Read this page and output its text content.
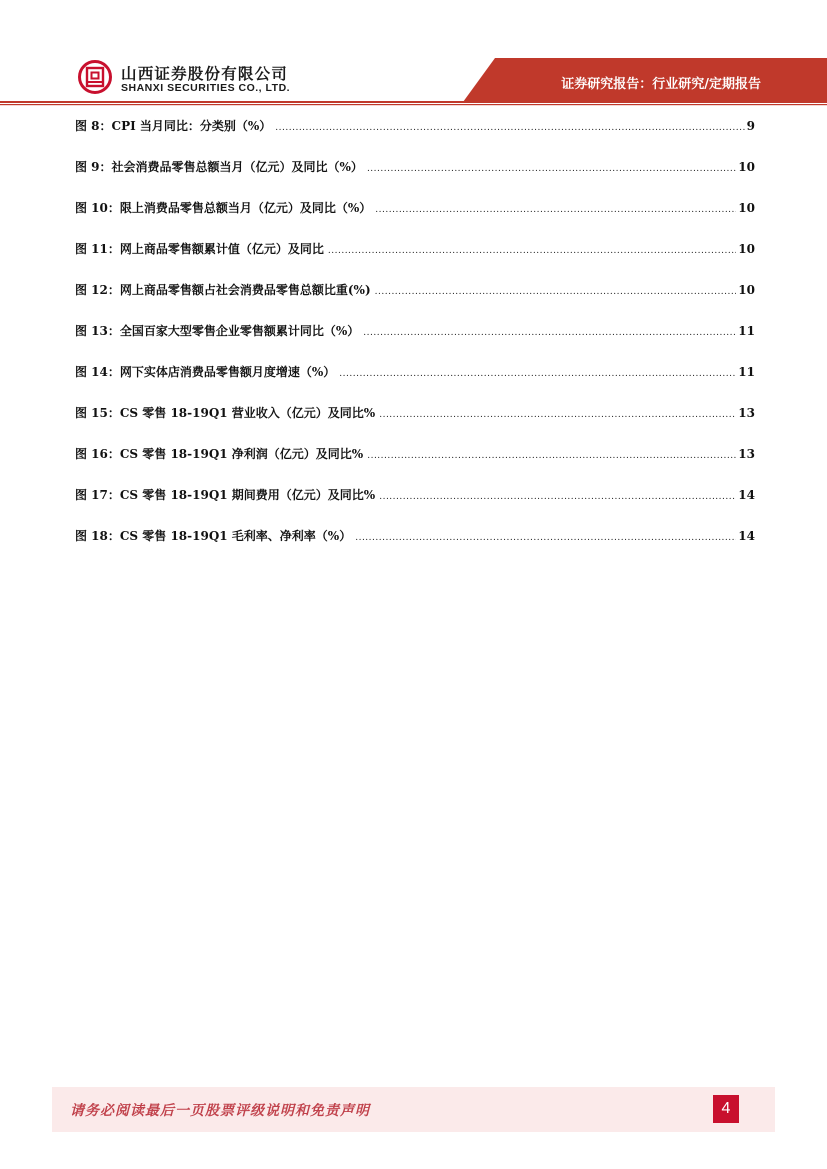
山西证券股份有限公司
SHANXI SECURITIES CO., LTD.	证券研究报告：行业研究/定期报告
图 8：CPI 当月同比：分类别（%） .....	9
图 9：社会消费品零售总额当月（亿元）及同比（%） .....	10
图 10：限上消费品零售总额当月（亿元）及同比（%） .....	10
图 11：网上商品零售额累计值（亿元）及同比 .....	10
图 12：网上商品零售额占社会消费品零售总额比重(%) .....	10
图 13：全国百家大型零售企业零售额累计同比（%） .....	11
图 14：网下实体店消费品零售额月度增速（%） .....	11
图 15：CS 零售 18-19Q1 营业收入（亿元）及同比% .....	13
图 16：CS 零售 18-19Q1 净利润（亿元）及同比% .....	13
图 17：CS 零售 18-19Q1 期间费用（亿元）及同比% .....	14
图 18：CS 零售 18-19Q1 毛利率、净利率（%） .....	14
请务必阅读最后一页股票评级说明和免责声明	4
